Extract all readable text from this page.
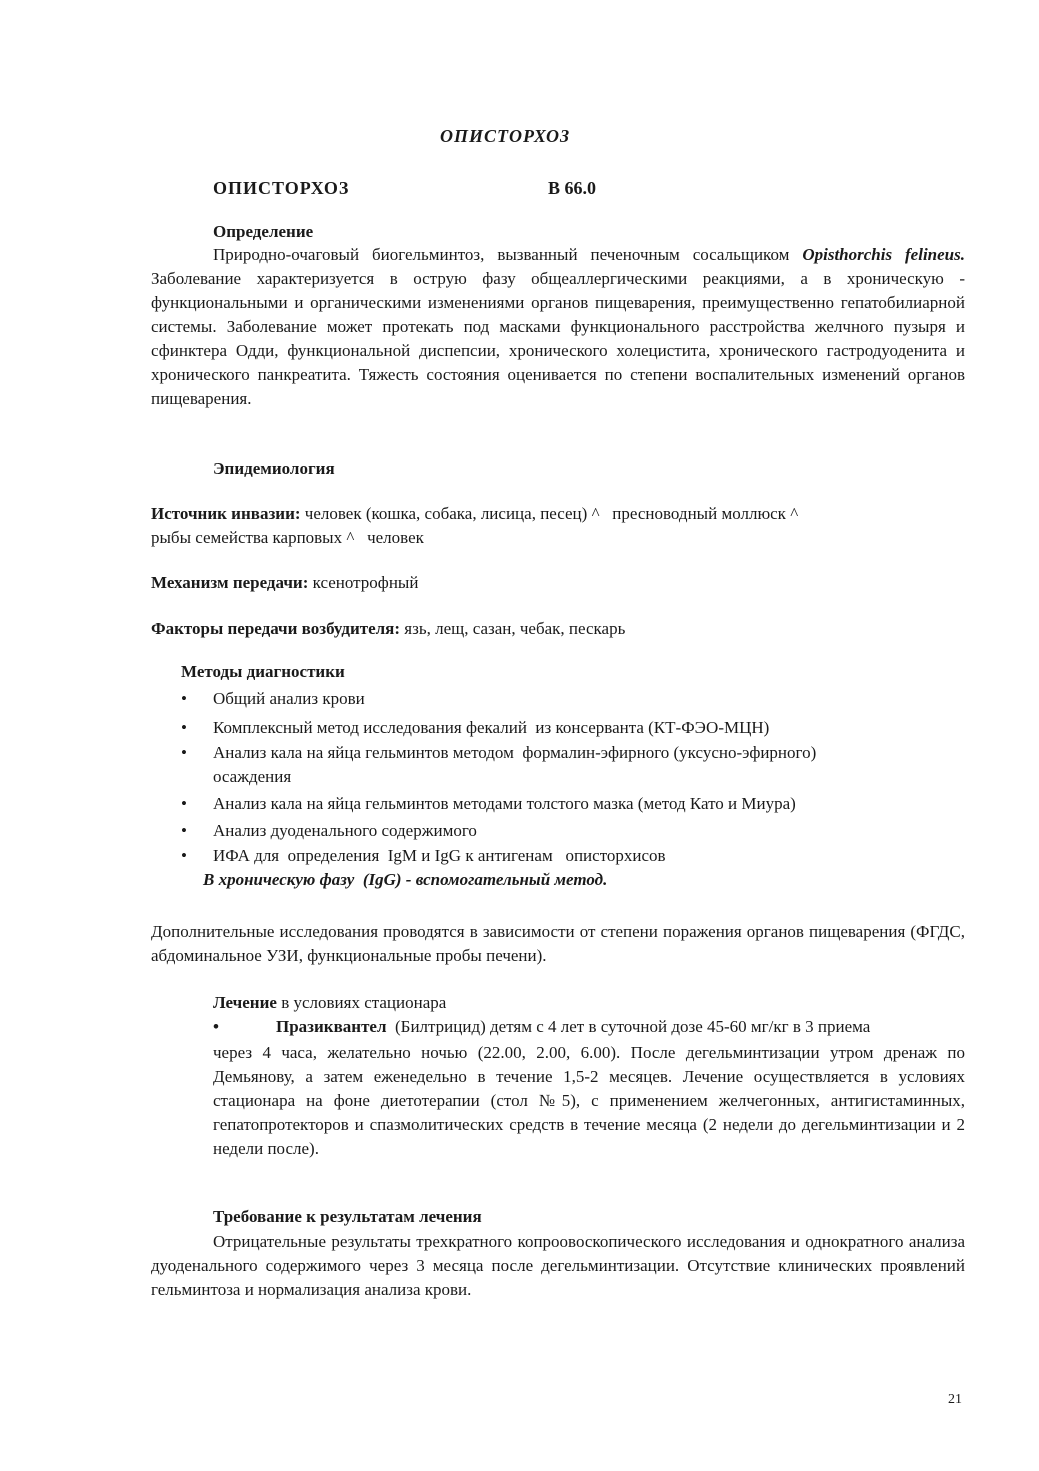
ОПИСТОРХОЗ
ОПИСТОРХОЗ	В 66.0
Определение

Природно-очаговый биогельминтоз, вызванный печеночным сосальщиком Opisthorchis felineus. Заболевание характеризуется в острую фазу общеаллергическими реакциями, а в хроническую - функциональными и органическими изменениями органов пищеварения, преимущественно гепатобилиарной системы. Заболевание может протекать под масками функционального расстройства желчного пузыря и сфинктера Одди, функциональной диспепсии, хронического холецистита, хронического гастродуоденита и хронического панкреатита. Тяжесть состояния оценивается по степени воспалительных изменений органов пищеварения.

Эпидемиология
Источник инвазии: человек (кошка, собака, лисица, песец) ^   пресноводный моллюск ^
рыбы семейства карповых ^   человек
Механизм передачи: ксенотрофный
Факторы передачи возбудителя: язь, лещ, сазан, чебак, пескарь
Методы диагностики
•	Общий анализ крови
•	Комплексный метод исследования фекалий  из консерванта (КТ-ФЭО-МЦН)
•	Анализ кала на яйца гельминтов методом  формалин-эфирного (уксусно-эфирного)
осаждения
•	Анализ кала на яйца гельминтов методами толстого мазка (метод Като и Миура)
•	Анализ дуоденального содержимого
•	ИФА для  определения  IgM и IgG к антигенам   описторхисов
В хроническую фазу  (IgG) - вспомогательный метод.

Дополнительные исследования проводятся в зависимости от степени поражения органов пищеварения (ФГДС, абдоминальное УЗИ, функциональные пробы печени).

Лечение в условиях стационара
•	Празиквантел (Билтрицид) детям с 4 лет в суточной дозе 45-60 мг/кг в 3 приема

через 4 часа, желательно ночью (22.00, 2.00, 6.00). После дегельминтизации утром дренаж по Демьянову, а затем еженедельно в течение 1,5-2 месяцев. Лечение осуществляется в условиях стационара на фоне диетотерапии (стол №5), с применением желчегонных, антигистаминных, гепатопротекторов и спазмолитических средств в течение месяца (2 недели до дегельминтизации и 2 недели после).

Требование к результатам лечения

Отрицательные результаты трехкратного копроовоскопического исследования и однократного анализа дуоденального содержимого через 3 месяца после дегельминтизации. Отсутствие клинических проявлений гельминтоза и нормализация анализа крови.

21
